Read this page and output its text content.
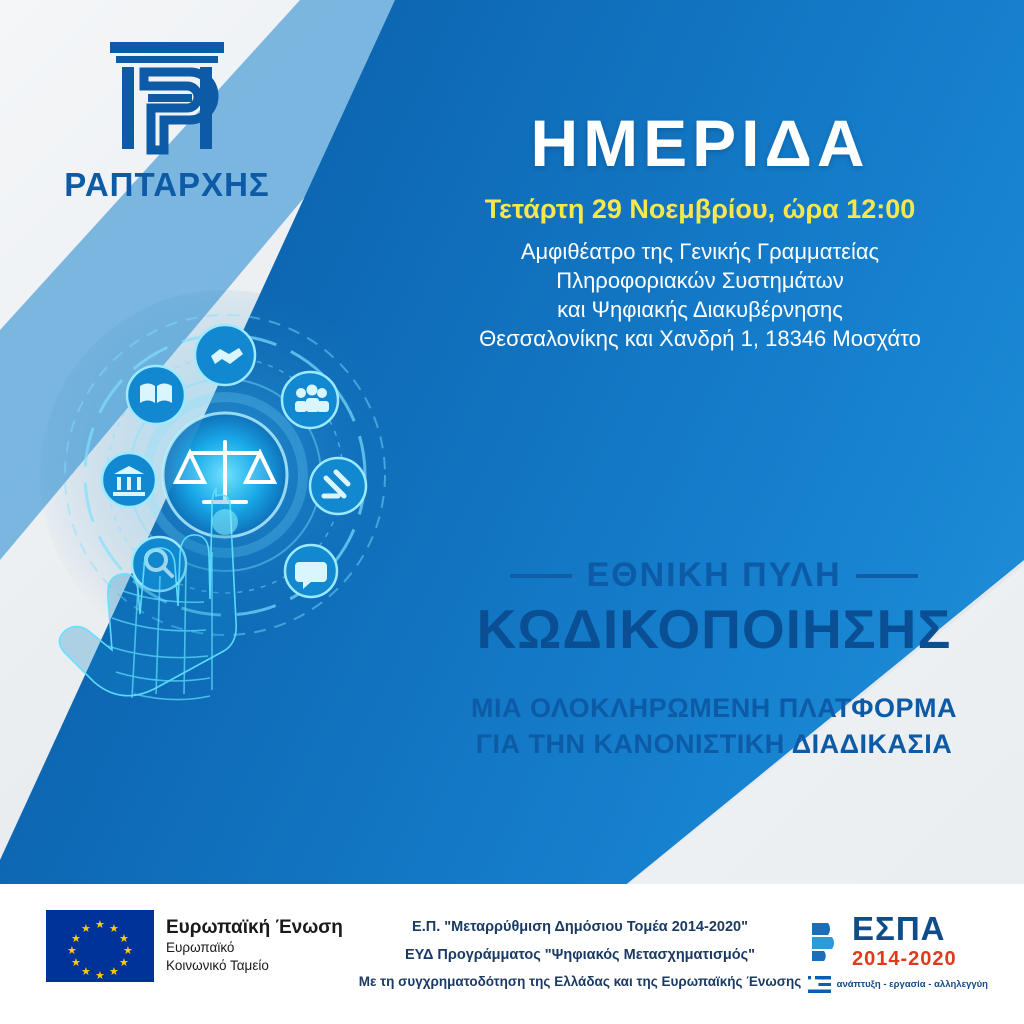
ΡΑΠΤΑΡΧΗΣ
ΗΜΕΡΙΔΑ
Τετάρτη 29 Νοεμβρίου, ώρα 12:00
Αμφιθέατρο της Γενικής Γραμματείας
Πληροφοριακών Συστημάτων
και Ψηφιακής Διακυβέρνησης
Θεσσαλονίκης και Χανδρή 1, 18346 Μοσχάτο
ΕΘΝΙΚΗ ΠΥΛΗ
ΚΩΔΙΚΟΠΟΙΗΣΗΣ
ΜΙΑ ΟΛΟΚΛΗΡΩΜΕΝΗ ΠΛΑΤΦΟΡΜΑ
ΓΙΑ ΤΗΝ ΚΑΝΟΝΙΣΤΙΚΗ ΔΙΑΔΙΚΑΣΙΑ
★ ★
★
★
★
★
★
★
★
★
★
★	Ευρωπαϊκή Ένωση
Ευρωπαϊκό
Κοινωνικό Ταμείο
Ε.Π. "Μεταρρύθμιση Δημόσιου Τομέα 2014-2020"
ΕΥΔ Προγράμματος "Ψηφιακός Μετασχηματισμός"
Με τη συγχρηματοδότηση της Ελλάδας και της Ευρωπαϊκής Ένωσης
ΕΣΠΑ
2014-2020
ανάπτυξη - εργασία - αλληλεγγύη
